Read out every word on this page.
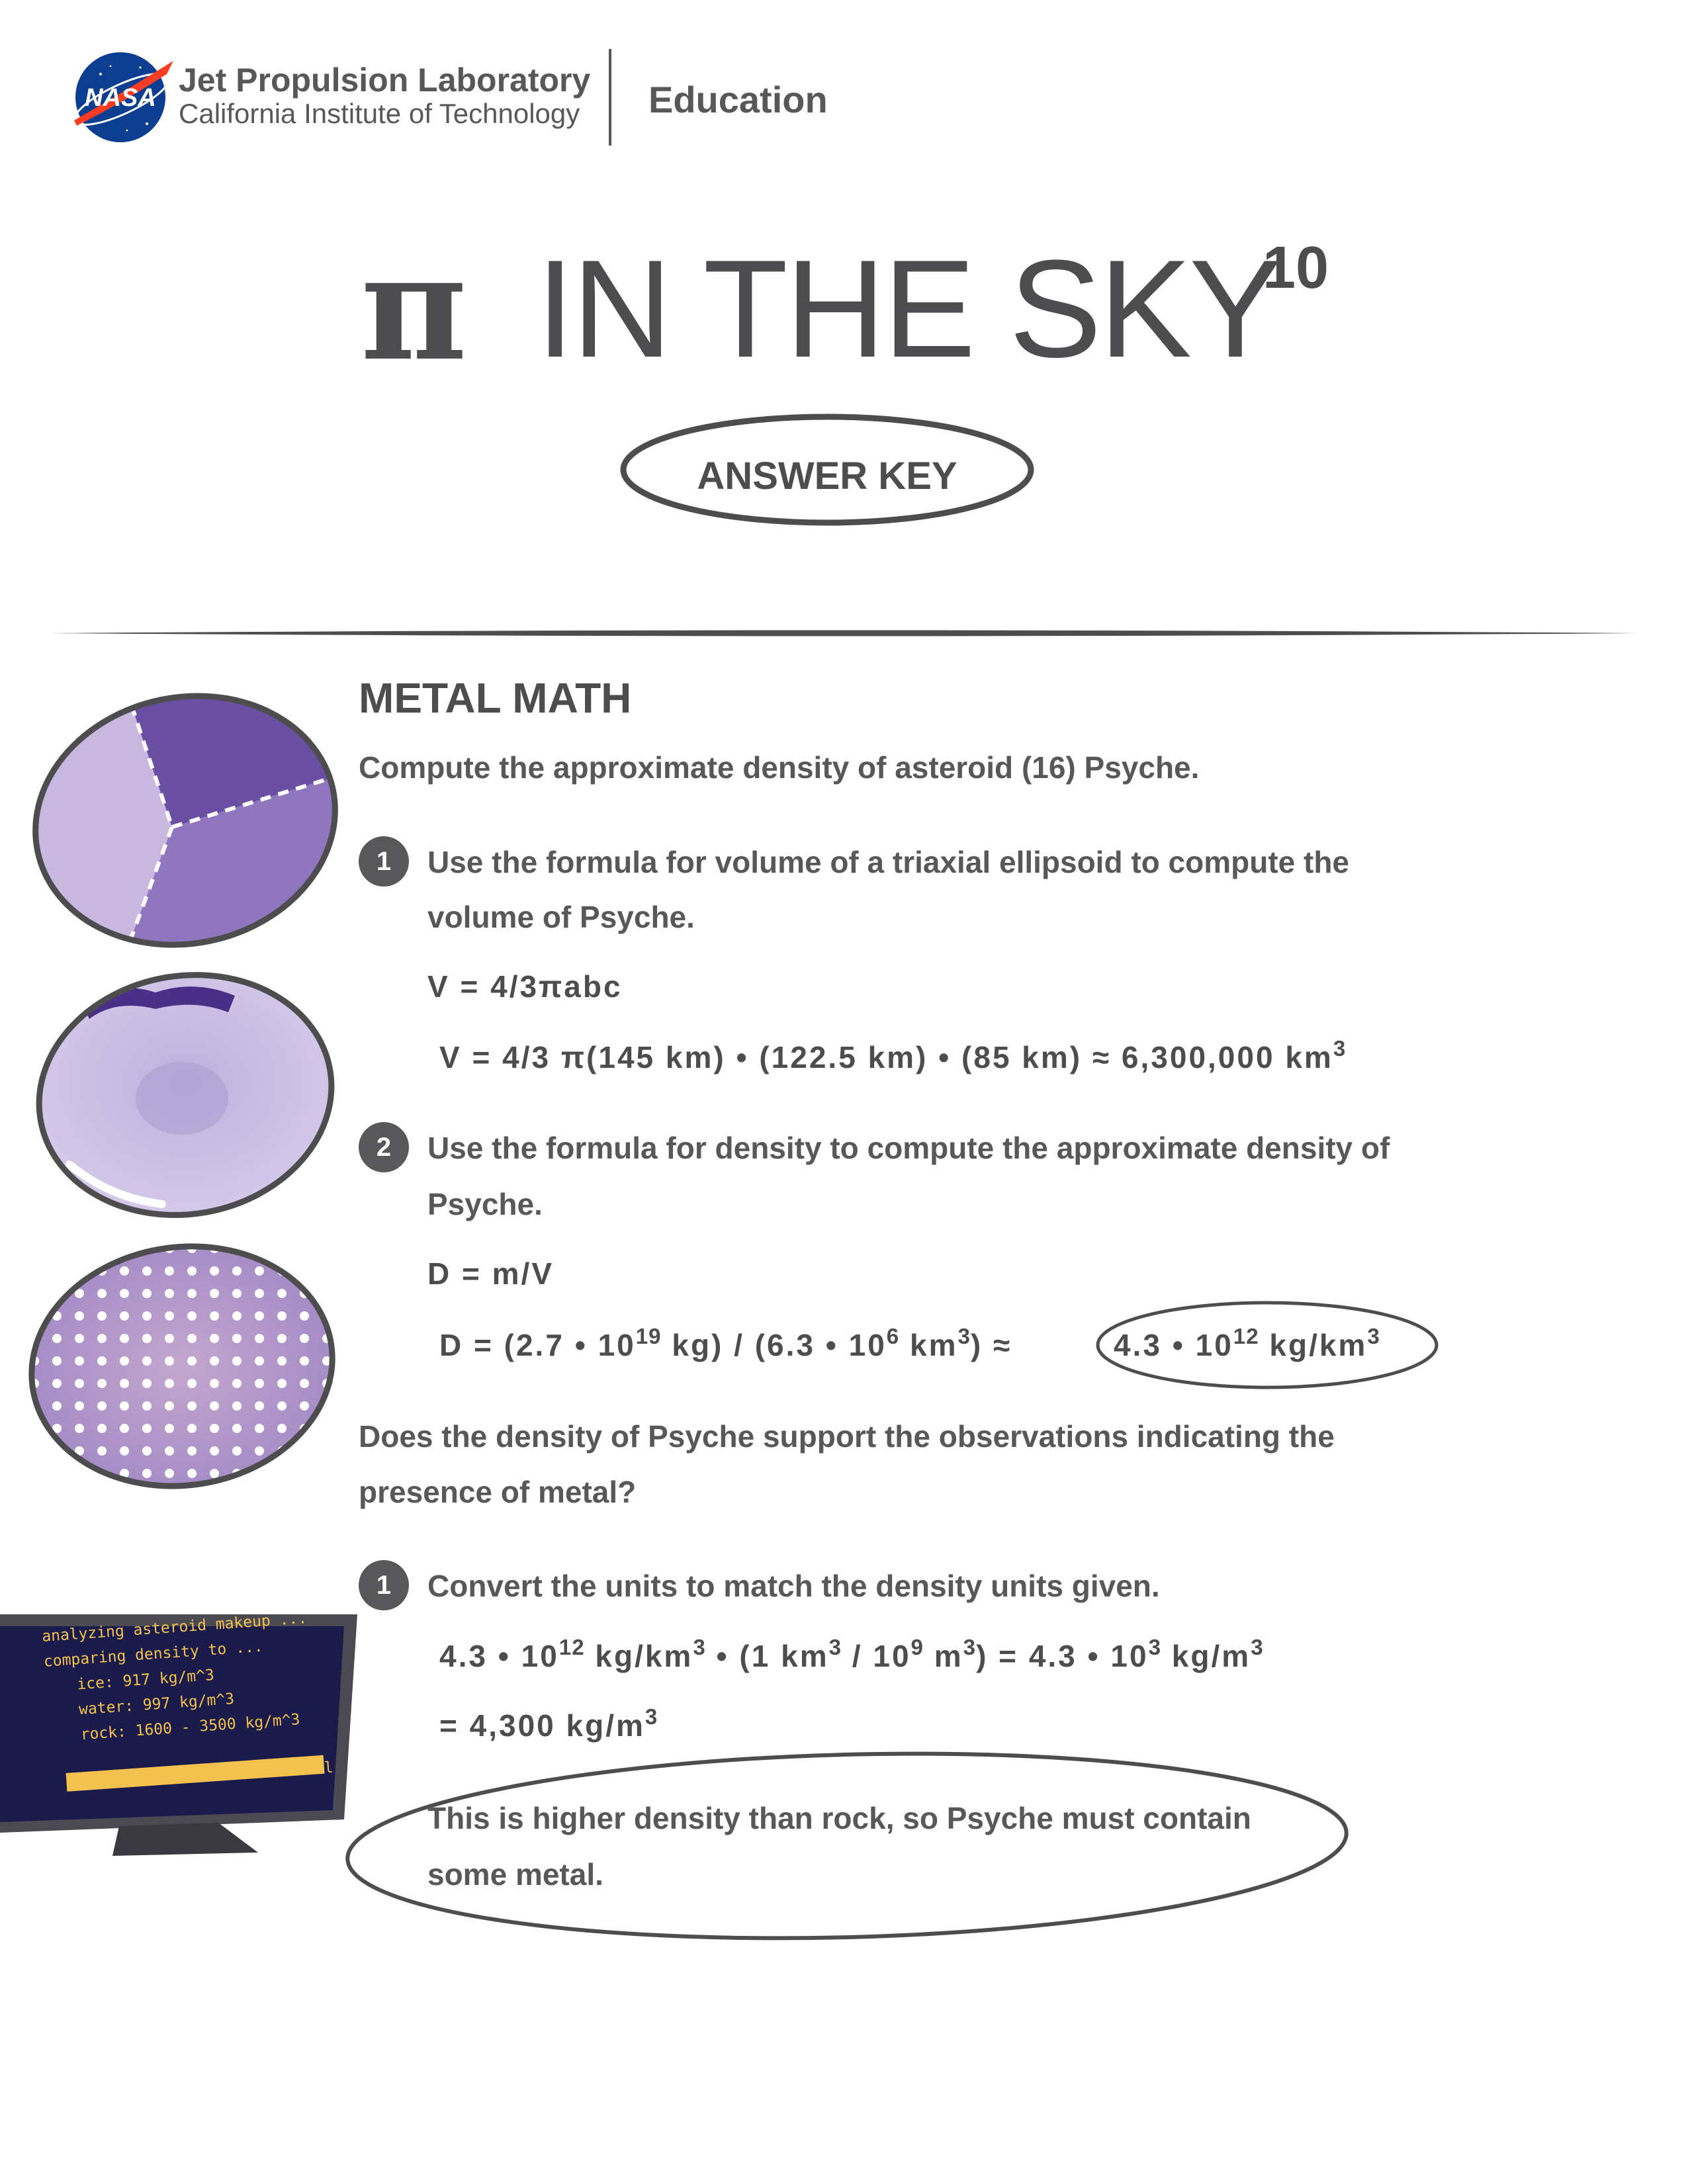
NASA Jet Propulsion Laboratory
California Institute of Technology Education
π IN THE SKY
10
ANSWER KEY
analyzing asteroid makeup ...
comparing density to ...
ice: 917 kg/m^3
water: 997 kg/m^3
rock: 1600 - 3500 kg/m^3
metal: 534 - 22590 kg/m^3
result: match found for metal
METAL MATH
Compute the approximate density of asteroid (16) Psyche.
1	Use the formula for volume of a triaxial ellipsoid to compute the
volume of Psyche.
V = 4/3πabc
V = 4/3 π(145 km) • (122.5 km) • (85 km) ≈ 6,300,000 $km^3$
2	Use the formula for density to compute the approximate density of
Psyche.
D = m/V
D = (2.7 • $10^{19}$ kg) / (6.3 • $10^6$ $km^3$) ≈	4.3 • $10^{12}$ $kg/km^3$
Does the density of Psyche support the observations indicating the
presence of metal?
1	Convert the units to match the density units given.
4.3 • $10^{12}$ $kg/km^3$ • (1 $km^3 / 10^9$ $m^3) = 4.3$ • $10^3$ $kg/m^3$
= 4,300 $kg/m^3$
This is higher density than rock, so Psyche must contain
some metal.
